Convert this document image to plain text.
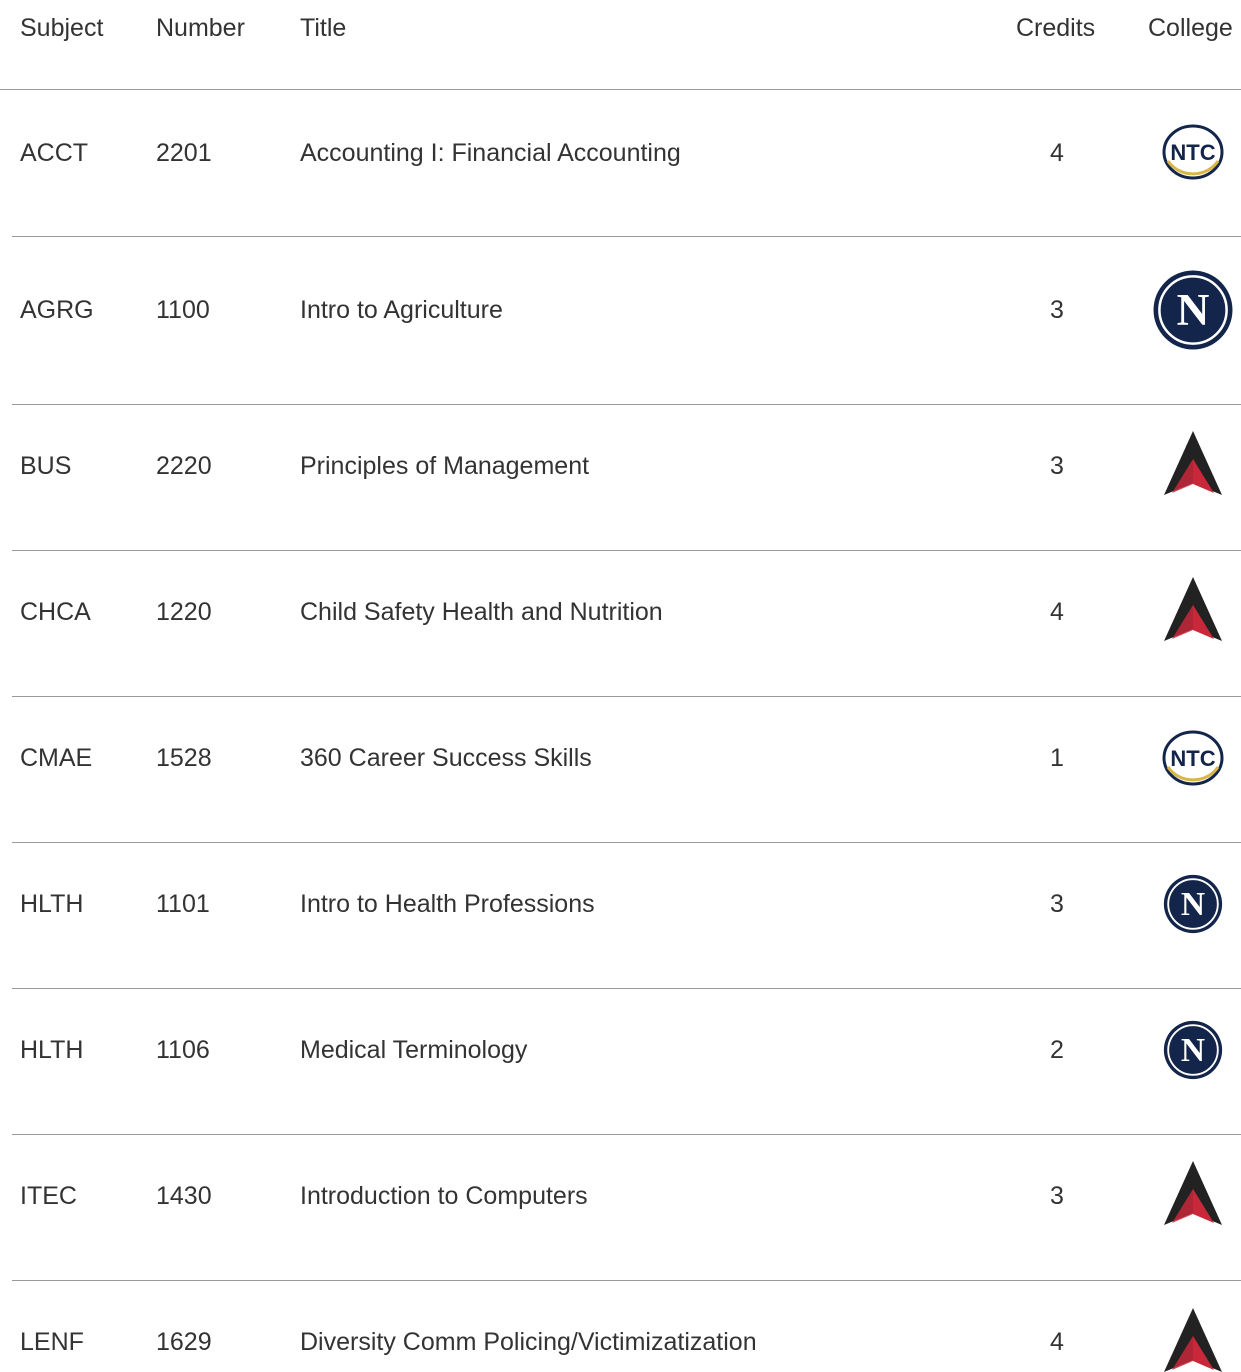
Subject Number Title	Credits College
ACCT	2201	Accounting I: Financial Accounting	4	NTC
AGRG 1100	Intro to Agriculture	3	N
BUS	2220	Principles of Management	3
CHCA	1220	Child Safety Health and Nutrition	4
CMAE	1528	360 Career Success Skills	1	NTC
HLTH	1101	Intro to Health Professions	3	N
HLTH	1106	Medical Terminology	2	N
ITEC	1430	Introduction to Computers	3
LENF	1629	Diversity Comm Policing/Victimizatization	4
